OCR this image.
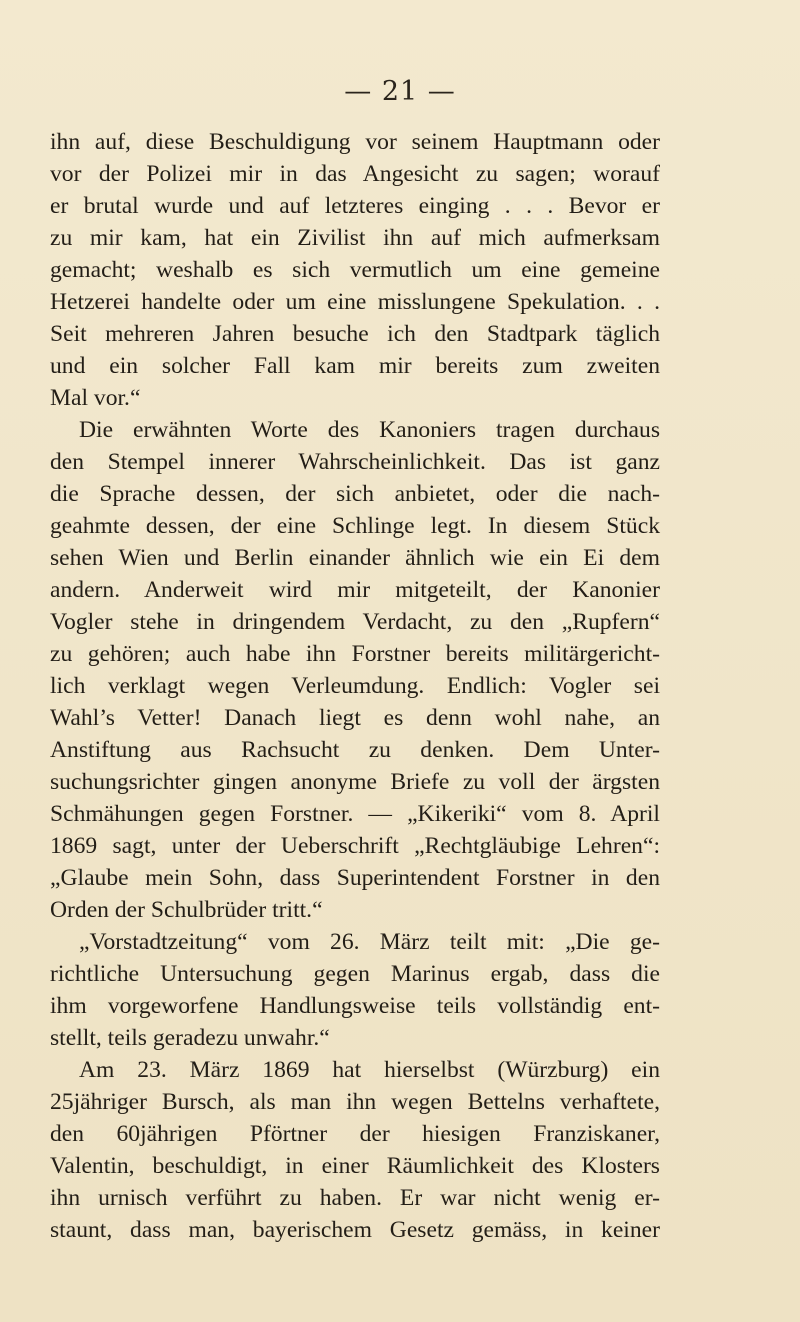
— 21 —
ihn auf, diese Beschuldigung vor seinem Hauptmann oder
vor der Polizei mir in das Angesicht zu sagen; worauf
er brutal wurde und auf letzteres einging . . . Bevor er
zu mir kam, hat ein Zivilist ihn auf mich aufmerksam
gemacht; weshalb es sich vermutlich um eine gemeine
Hetzerei handelte oder um eine misslungene Spekulation. . .
Seit mehreren Jahren besuche ich den Stadtpark täglich
und ein solcher Fall kam mir bereits zum zweiten
Mal vor.“
Die erwähnten Worte des Kanoniers tragen durchaus
den Stempel innerer Wahrscheinlichkeit. Das ist ganz
die Sprache dessen, der sich anbietet, oder die nach-
geahmte dessen, der eine Schlinge legt. In diesem Stück
sehen Wien und Berlin einander ähnlich wie ein Ei dem
andern. Anderweit wird mir mitgeteilt, der Kanonier
Vogler stehe in dringendem Verdacht, zu den „Rupfern“
zu gehören; auch habe ihn Forstner bereits militärgericht-
lich verklagt wegen Verleumdung. Endlich: Vogler sei
Wahl’s Vetter! Danach liegt es denn wohl nahe, an
Anstiftung aus Rachsucht zu denken. Dem Unter-
suchungsrichter gingen anonyme Briefe zu voll der ärgsten
Schmähungen gegen Forstner. — „Kikeriki“ vom 8. April
1869 sagt, unter der Ueberschrift „Rechtgläubige Lehren“:
„Glaube mein Sohn, dass Superintendent Forstner in den
Orden der Schulbrüder tritt.“
„Vorstadtzeitung“ vom 26. März teilt mit: „Die ge-
richtliche Untersuchung gegen Marinus ergab, dass die
ihm vorgeworfene Handlungsweise teils vollständig ent-
stellt, teils geradezu unwahr.“
Am 23. März 1869 hat hierselbst (Würzburg) ein
25jähriger Bursch, als man ihn wegen Bettelns verhaftete,
den 60jährigen Pförtner der hiesigen Franziskaner,
Valentin, beschuldigt, in einer Räumlichkeit des Klosters
ihn urnisch verführt zu haben. Er war nicht wenig er-
staunt, dass man, bayerischem Gesetz gemäss, in keiner
